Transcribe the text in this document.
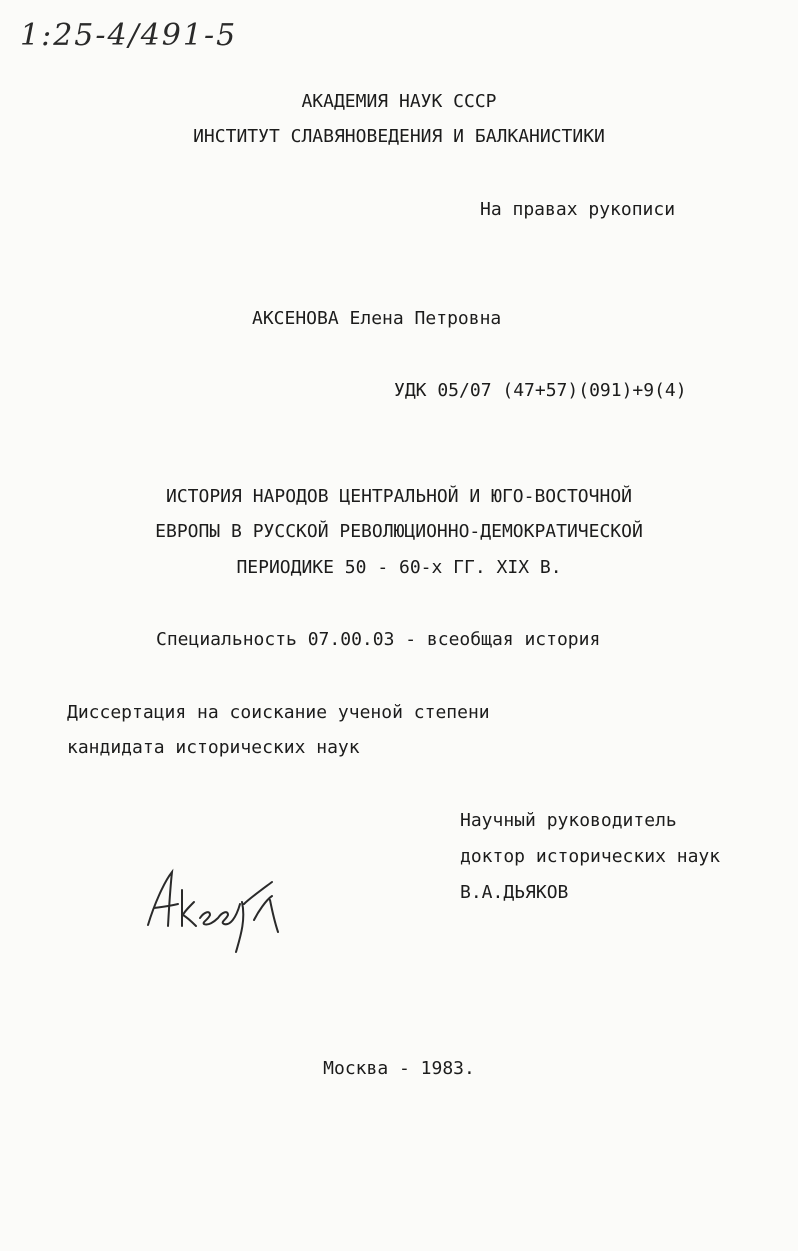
1:25-4/491-5
АКАДЕМИЯ НАУК СССР
ИНСТИТУТ СЛАВЯНОВЕДЕНИЯ И БАЛКАНИСТИКИ
На правах рукописи
АКСЕНОВА Елена Петровна
УДК 05/07 (47+57)(091)+9(4)
ИСТОРИЯ НАРОДОВ ЦЕНТРАЛЬНОЙ И ЮГО-ВОСТОЧНОЙ
ЕВРОПЫ В РУССКОЙ РЕВОЛЮЦИОННО-ДЕМОКРАТИЧЕСКОЙ
ПЕРИОДИКЕ 50 - 60-х ГГ. XIX В.
Специальность 07.00.03 - всеобщая история
Диссертация на соискание ученой степени
кандидата исторических наук
Научный руководитель
доктор исторических наук
В.А.ДЬЯКОВ
Москва - 1983.
